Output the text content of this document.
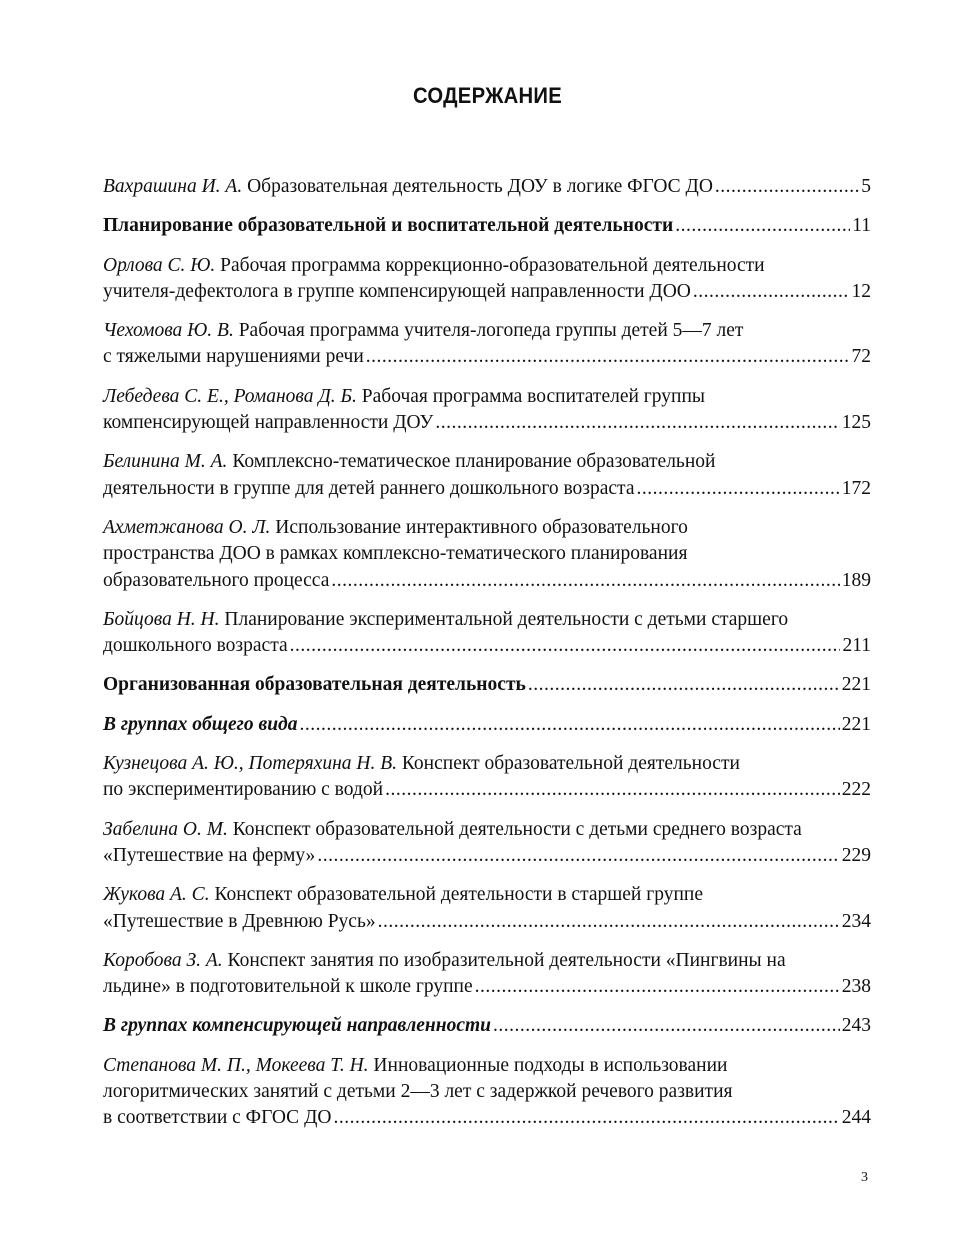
СОДЕРЖАНИЕ
Вахрашина И. А. Образовательная деятельность ДОУ в логике ФГОС ДО .....	5
Планирование образовательной и воспитательной деятельности .....	11
Орлова С. Ю. Рабочая программа коррекционно-образовательной деятельности
учителя-дефектолога в группе компенсирующей направленности ДОО .....	12
Чехомова Ю. В. Рабочая программа учителя-логопеда группы детей 5—7 лет
с тяжелыми нарушениями речи .....	72
Лебедева С. Е., Романова Д. Б. Рабочая программа воспитателей группы
компенсирующей направленности ДОУ .....	125
Белинина М. А. Комплексно-тематическое планирование образовательной
деятельности в группе для детей раннего дошкольного возраста .....	172
Ахметжанова О. Л. Использование интерактивного образовательного
пространства ДОО в рамках комплексно-тематического планирования
образовательного процесса .....	189
Бойцова Н. Н. Планирование экспериментальной деятельности с детьми старшего
дошкольного возраста .....	211
Организованная образовательная деятельность .....	221
В группах общего вида .....	221
Кузнецова А. Ю., Потеряхина Н. В. Конспект образовательной деятельности
по экспериментированию с водой .....	222
Забелина О. М. Конспект образовательной деятельности с детьми среднего возраста
«Путешествие на ферму» .....	229
Жукова А. С. Конспект образовательной деятельности в старшей группе
«Путешествие в Древнюю Русь» .....	234
Коробова З. А. Конспект занятия по изобразительной деятельности «Пингвины на
льдине» в подготовительной к школе группе .....	238
В группах компенсирующей направленности .....	243
Степанова М. П., Мокеева Т. Н. Инновационные подходы в использовании
логоритмических занятий с детьми 2—3 лет с задержкой речевого развития
в соответствии с ФГОС ДО .....	244
3
